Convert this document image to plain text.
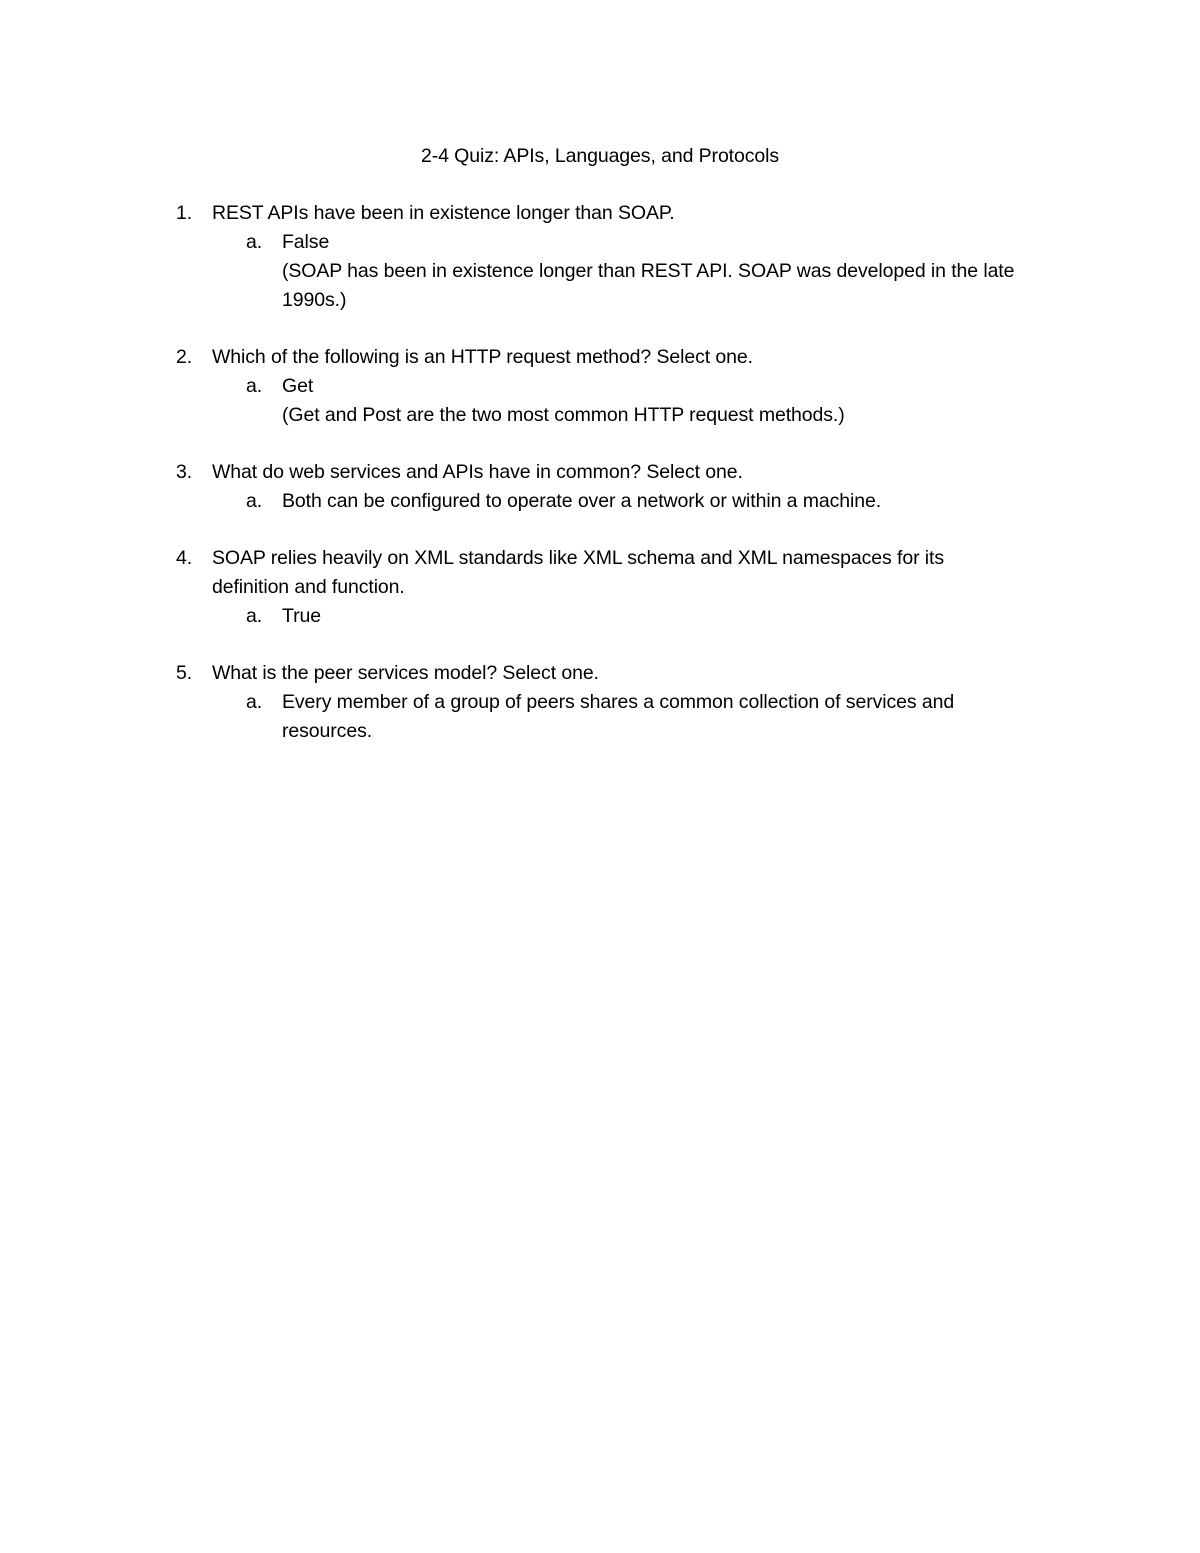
2-4 Quiz: APIs, Languages, and Protocols
1.	REST APIs have been in existence longer than SOAP.
a.	False
(SOAP has been in existence longer than REST API. SOAP was developed in the late 1990s.)
2.	Which of the following is an HTTP request method? Select one.
a.	Get
(Get and Post are the two most common HTTP request methods.)
3.	What do web services and APIs have in common? Select one.
a.	Both can be configured to operate over a network or within a machine.
4.	SOAP relies heavily on XML standards like XML schema and XML namespaces for its definition and function.
a.	True
5.	What is the peer services model? Select one.
a.	Every member of a group of peers shares a common collection of services and resources.
